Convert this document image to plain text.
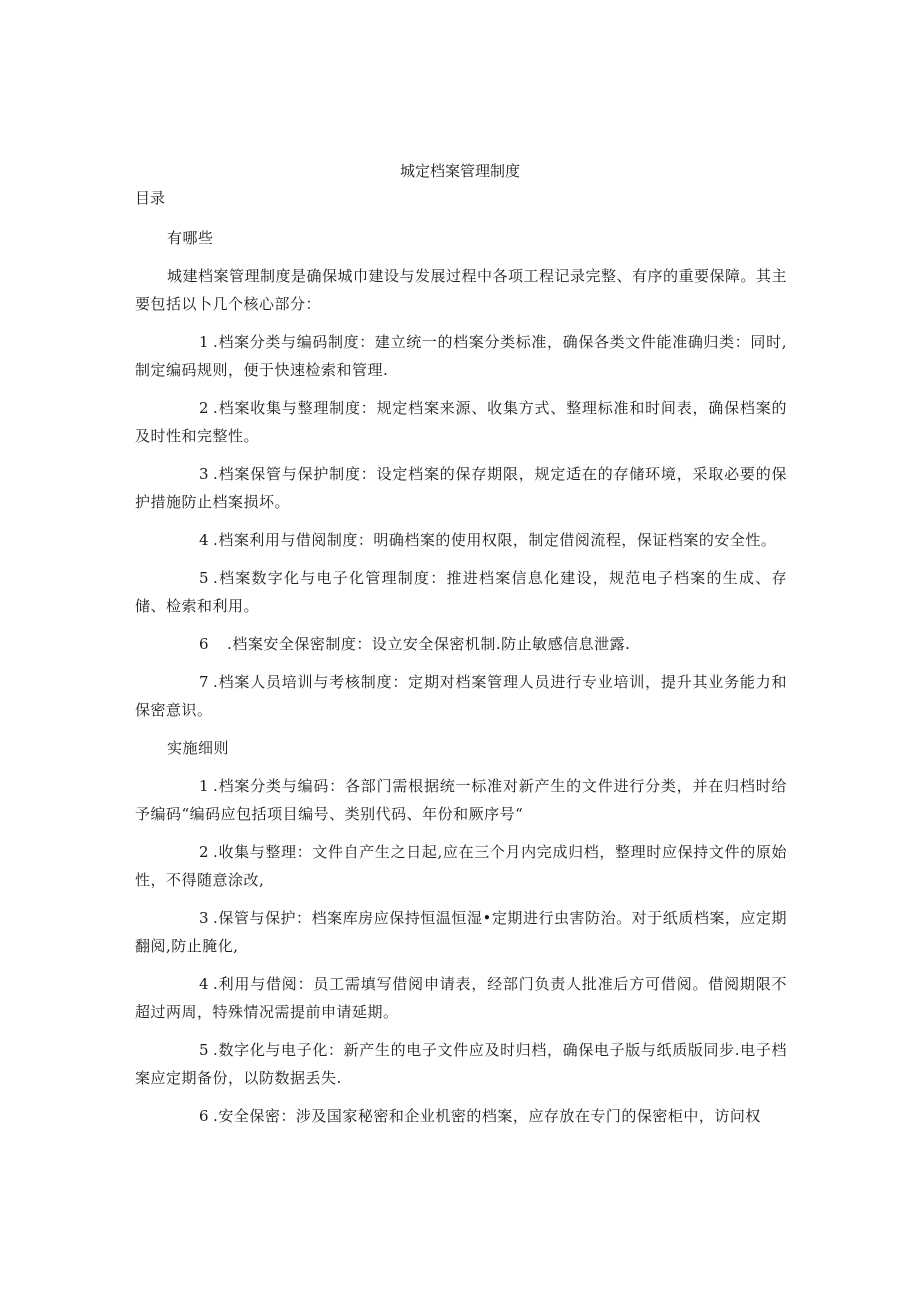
城定档案管理制度
目录

有哪些

城建档案管理制度是确保城巾建设与发展过程中各项工程记录完整、有序的重要保障。其主要包括以卜几个核心部分：

1 .档案分类与编码制度：建立统一的档案分类标准，确保各类文件能准确归类：同时,制定编码规则，便于快速检索和管理.

2 .档案收集与整理制度：规定档案来源、收集方式、整理标准和时间表，确保档案的及时性和完整性。

3 .档案保管与保护制度：设定档案的保存期限，规定适在的存储环境，采取必要的保护措施防止档案损坏。

4 .档案利用与借阅制度：明确档案的使用权限，制定借阅流程，保证档案的安全性。

5 .档案数字化与电子化管理制度：推进档案信息化建设，规范电子档案的生成、存储、检索和利用。

6 .档案安全保密制度：设立安全保密机制.防止敏感信息泄露.

7 .档案人员培训与考核制度：定期对档案管理人员进行专业培训，提升其业务能力和保密意识。

实施细则

1 .档案分类与编码：各部门需根据统一标准对新产生的文件进行分类，并在归档时给予编码“编码应包括项目编号、类别代码、年份和厥序号“

2 .收集与整理：文件自产生之日起,应在三个月内完成归档，整理时应保持文件的原始性，不得随意涂改,

3 .保管与保护：档案库房应保持恒温恒湿•定期进行虫害防治。对于纸质档案，应定期翻阅,防止腌化,

4 .利用与借阅：员工需填写借阅申请表，经部门负责人批准后方可借阅。借阅期限不超过两周，特殊情况需提前申请延期。

5 .数字化与电子化：新产生的电子文件应及时归档，确保电子版与纸质版同步.电子档案应定期备份，以防数据丢失.

6 .安全保密：涉及国家秘密和企业机密的档案，应存放在专门的保密柜中，访问权
